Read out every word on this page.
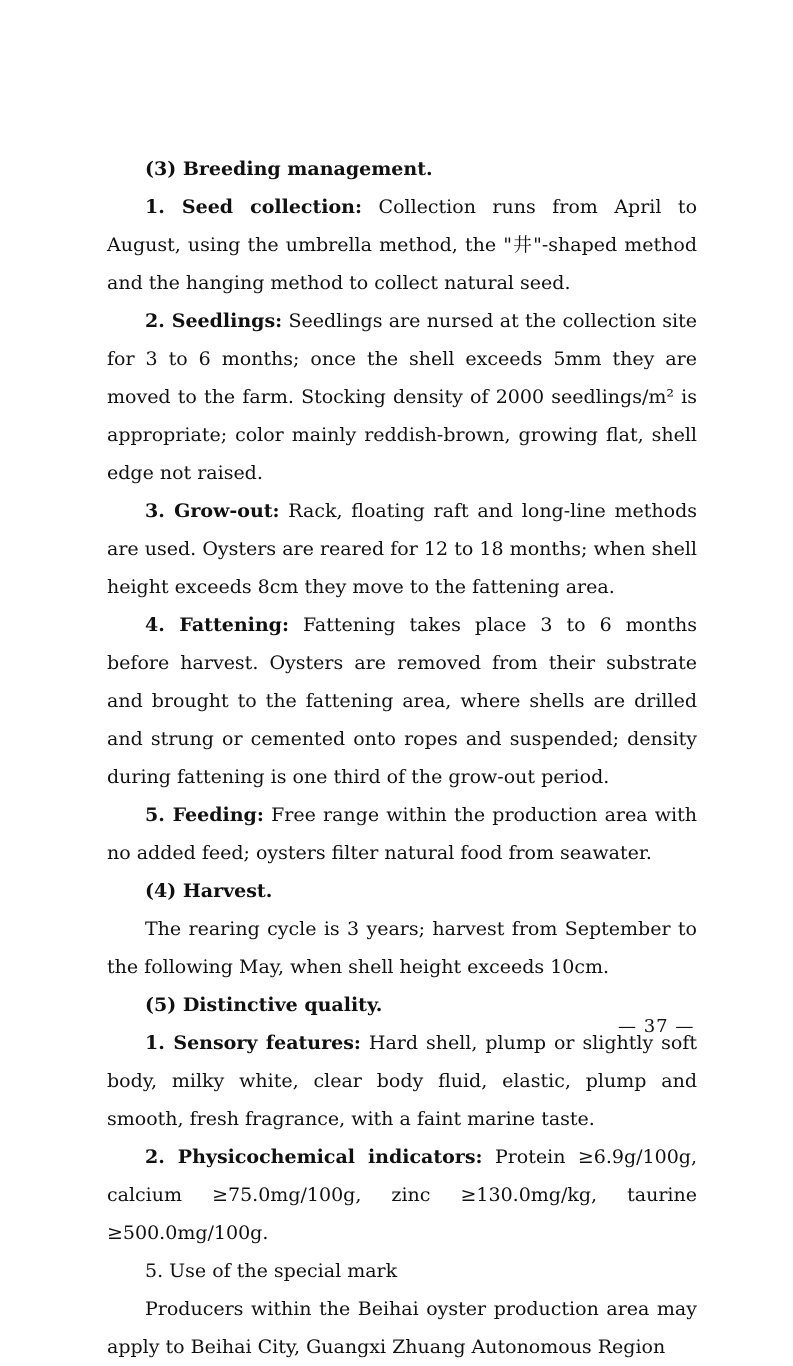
(3) Breeding management.

1. Seed collection: Collection runs from April to August, using the umbrella method, the "井"-shaped method and the hanging method to collect natural seed.

2. Seedlings: Seedlings are nursed at the collection site for 3 to 6 months; once the shell exceeds 5mm they are moved to the farm. Stocking density of 2000 seedlings/m² is appropriate; color mainly reddish-brown, growing flat, shell edge not raised.

3. Grow-out: Rack, floating raft and long-line methods are used. Oysters are reared for 12 to 18 months; when shell height exceeds 8cm they move to the fattening area.

4. Fattening: Fattening takes place 3 to 6 months before harvest. Oysters are removed from their substrate and brought to the fattening area, where shells are drilled and strung or cemented onto ropes and suspended; density during fattening is one third of the grow-out period.

5. Feeding: Free range within the production area with no added feed; oysters filter natural food from seawater.

(4) Harvest.

The rearing cycle is 3 years; harvest from September to the following May, when shell height exceeds 10cm.

(5) Distinctive quality.

1. Sensory features: Hard shell, plump or slightly soft body, milky white, clear body fluid, elastic, plump and smooth, fresh fragrance, with a faint marine taste.

2. Physicochemical indicators: Protein ≥6.9g/100g, calcium ≥75.0mg/100g, zinc ≥130.0mg/kg, taurine ≥500.0mg/100g.

5. Use of the special mark

Producers within the Beihai oyster production area may apply to Beihai City, Guangxi Zhuang Autonomous Region

— 37 —
